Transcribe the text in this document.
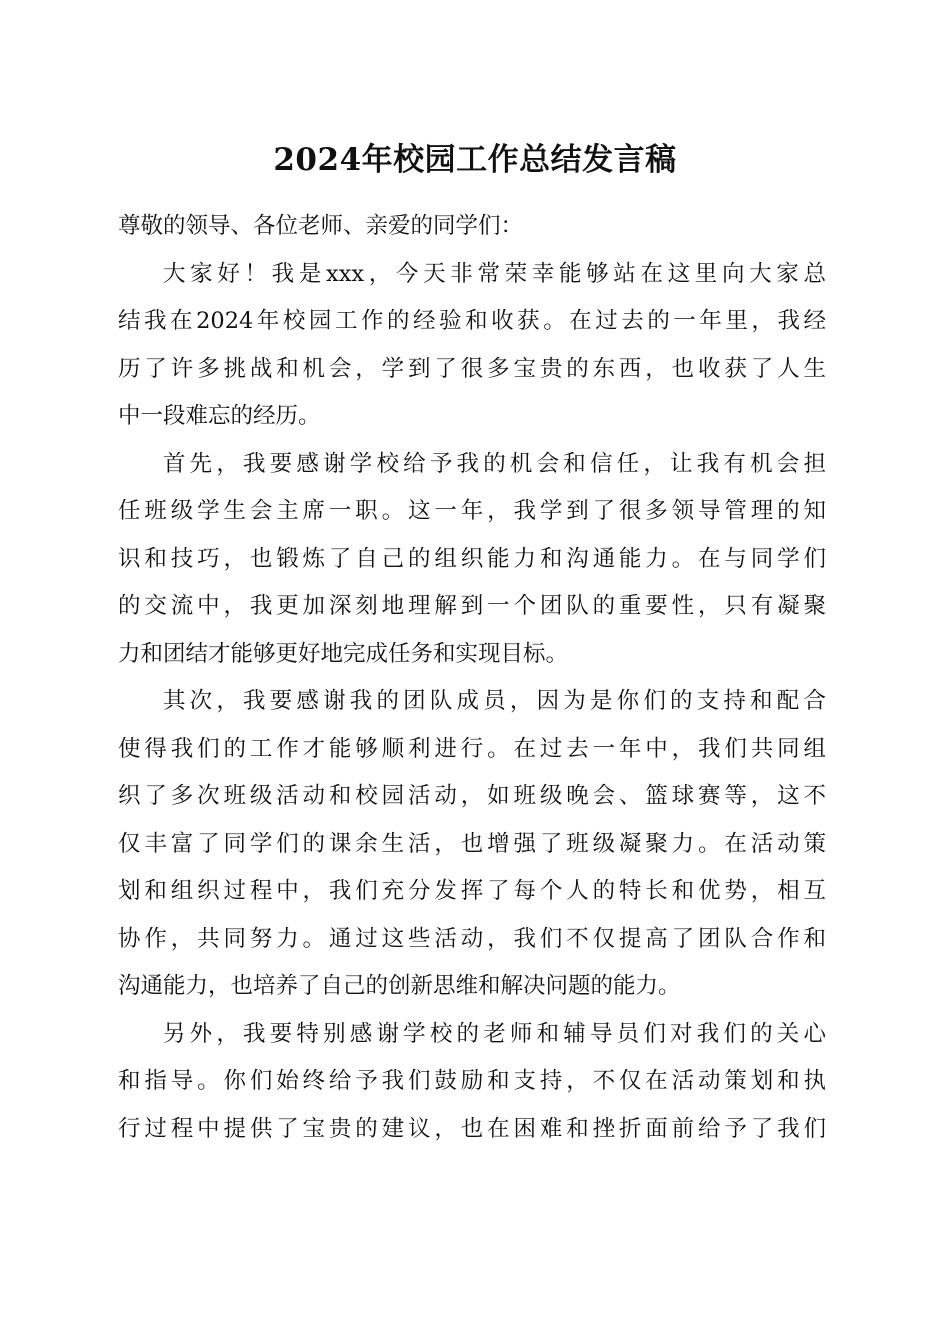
2024年校园工作总结发言稿
尊敬的领导、各位老师、亲爱的同学们：
大家好！我是xxx，今天非常荣幸能够站在这里向大家总
结我在2024年校园工作的经验和收获。在过去的一年里，我经
历了许多挑战和机会，学到了很多宝贵的东西，也收获了人生
中一段难忘的经历。
首先，我要感谢学校给予我的机会和信任，让我有机会担
任班级学生会主席一职。这一年，我学到了很多领导管理的知
识和技巧，也锻炼了自己的组织能力和沟通能力。在与同学们
的交流中，我更加深刻地理解到一个团队的重要性，只有凝聚
力和团结才能够更好地完成任务和实现目标。
其次，我要感谢我的团队成员，因为是你们的支持和配合
使得我们的工作才能够顺利进行。在过去一年中，我们共同组
织了多次班级活动和校园活动，如班级晚会、篮球赛等，这不
仅丰富了同学们的课余生活，也增强了班级凝聚力。在活动策
划和组织过程中，我们充分发挥了每个人的特长和优势，相互
协作，共同努力。通过这些活动，我们不仅提高了团队合作和
沟通能力，也培养了自己的创新思维和解决问题的能力。
另外，我要特别感谢学校的老师和辅导员们对我们的关心
和指导。你们始终给予我们鼓励和支持，不仅在活动策划和执
行过程中提供了宝贵的建议，也在困难和挫折面前给予了我们
